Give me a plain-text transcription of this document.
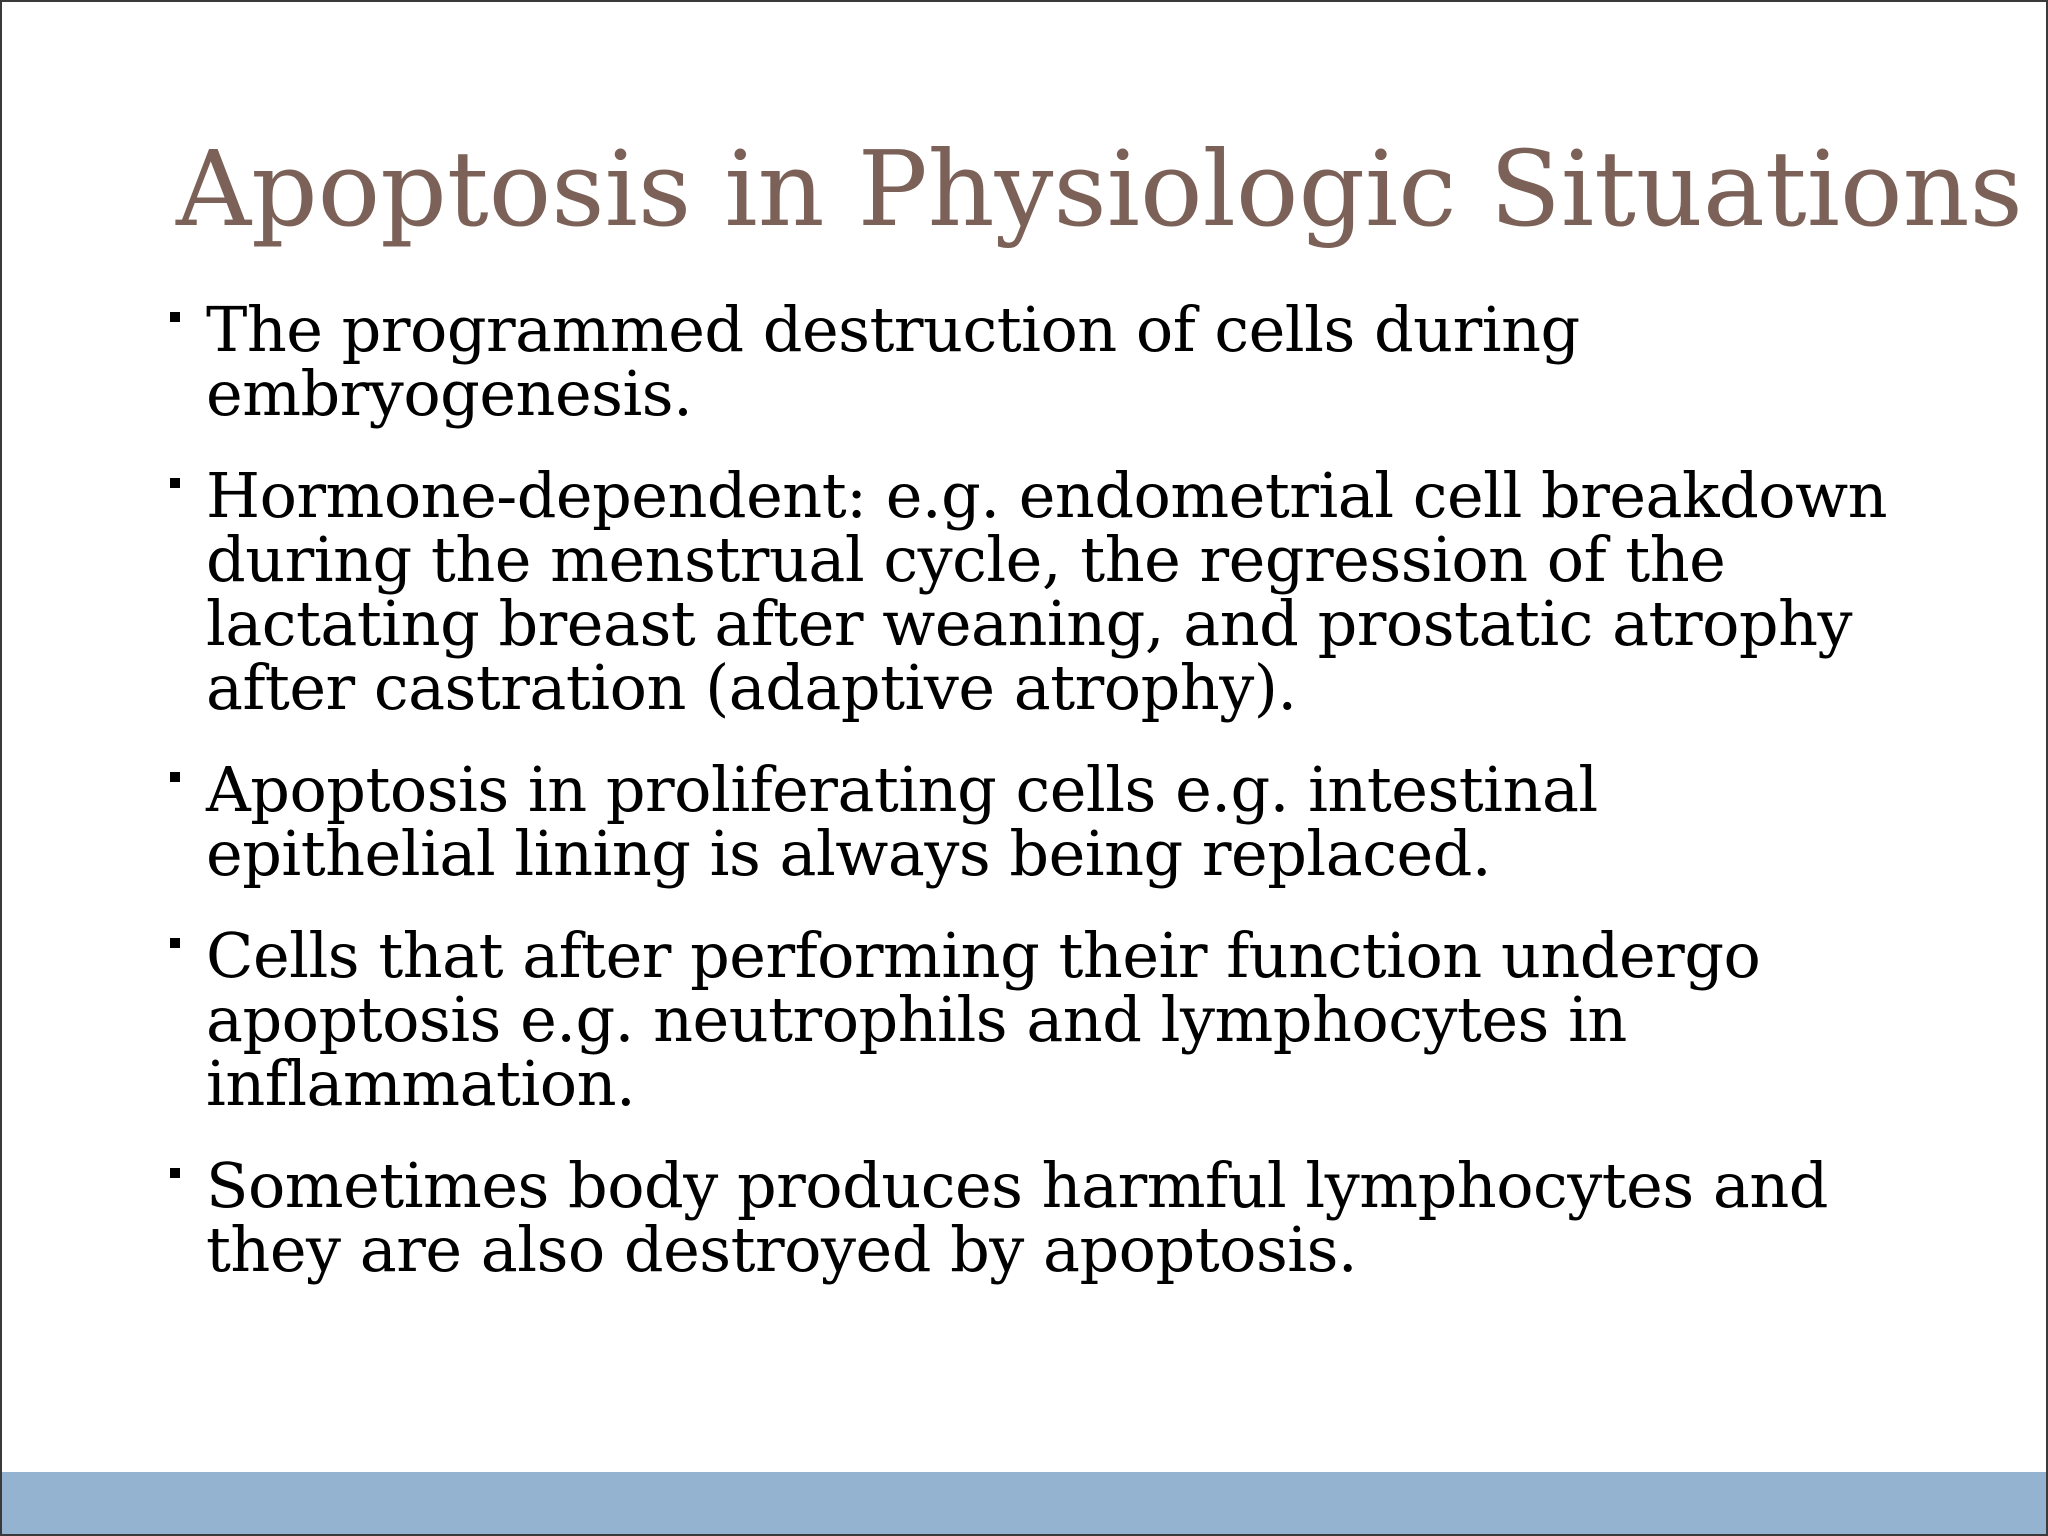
Apoptosis in Physiologic Situations
The programmed destruction of cells during embryogenesis.
Hormone-dependent: e.g. endometrial cell breakdown during the menstrual cycle, the regression of the lactating breast after weaning, and prostatic atrophy after castration (adaptive atrophy).
Apoptosis in proliferating cells e.g. intestinal epithelial lining is always being replaced.
Cells that after performing their function undergo apoptosis e.g. neutrophils and lymphocytes in inflammation.
Sometimes body produces harmful lymphocytes and they are also destroyed by apoptosis.
